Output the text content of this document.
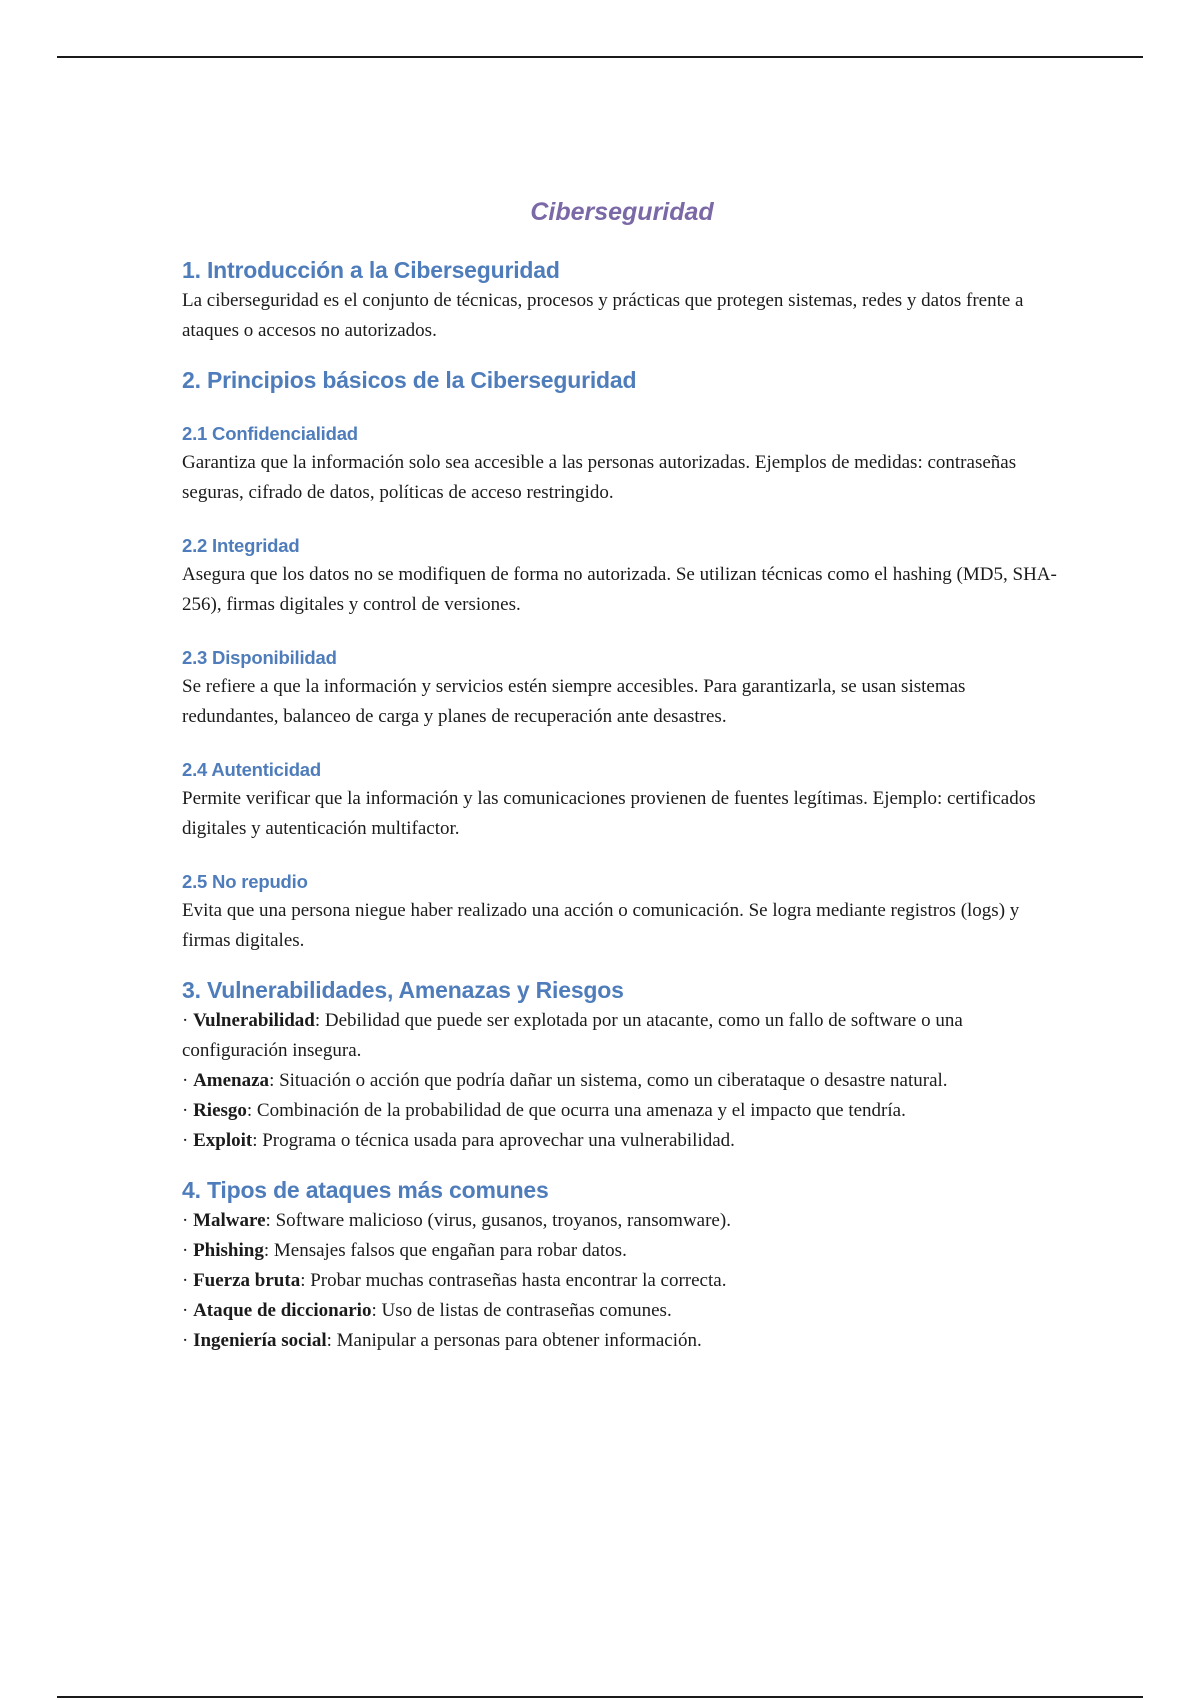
Ciberseguridad
1. Introducción a la Ciberseguridad

La ciberseguridad es el conjunto de técnicas, procesos y prácticas que protegen sistemas, redes y datos frente a ataques o accesos no autorizados.

2. Principios básicos de la Ciberseguridad
2.1 Confidencialidad

Garantiza que la información solo sea accesible a las personas autorizadas. Ejemplos de medidas: contraseñas seguras, cifrado de datos, políticas de acceso restringido.

2.2 Integridad

Asegura que los datos no se modifiquen de forma no autorizada. Se utilizan técnicas como el hashing (MD5, SHA-256), firmas digitales y control de versiones.

2.3 Disponibilidad

Se refiere a que la información y servicios estén siempre accesibles. Para garantizarla, se usan sistemas redundantes, balanceo de carga y planes de recuperación ante desastres.

2.4 Autenticidad

Permite verificar que la información y las comunicaciones provienen de fuentes legítimas. Ejemplo: certificados digitales y autenticación multifactor.

2.5 No repudio

Evita que una persona niegue haber realizado una acción o comunicación. Se logra mediante registros (logs) y firmas digitales.

3. Vulnerabilidades, Amenazas y Riesgos
· Vulnerabilidad: Debilidad que puede ser explotada por un atacante, como un fallo de software o una configuración insegura.
· Amenaza: Situación o acción que podría dañar un sistema, como un ciberataque o desastre natural.
· Riesgo: Combinación de la probabilidad de que ocurra una amenaza y el impacto que tendría.
· Exploit: Programa o técnica usada para aprovechar una vulnerabilidad.
4. Tipos de ataques más comunes
· Malware: Software malicioso (virus, gusanos, troyanos, ransomware).
· Phishing: Mensajes falsos que engañan para robar datos.
· Fuerza bruta: Probar muchas contraseñas hasta encontrar la correcta.
· Ataque de diccionario: Uso de listas de contraseñas comunes.
· Ingeniería social: Manipular a personas para obtener información.
